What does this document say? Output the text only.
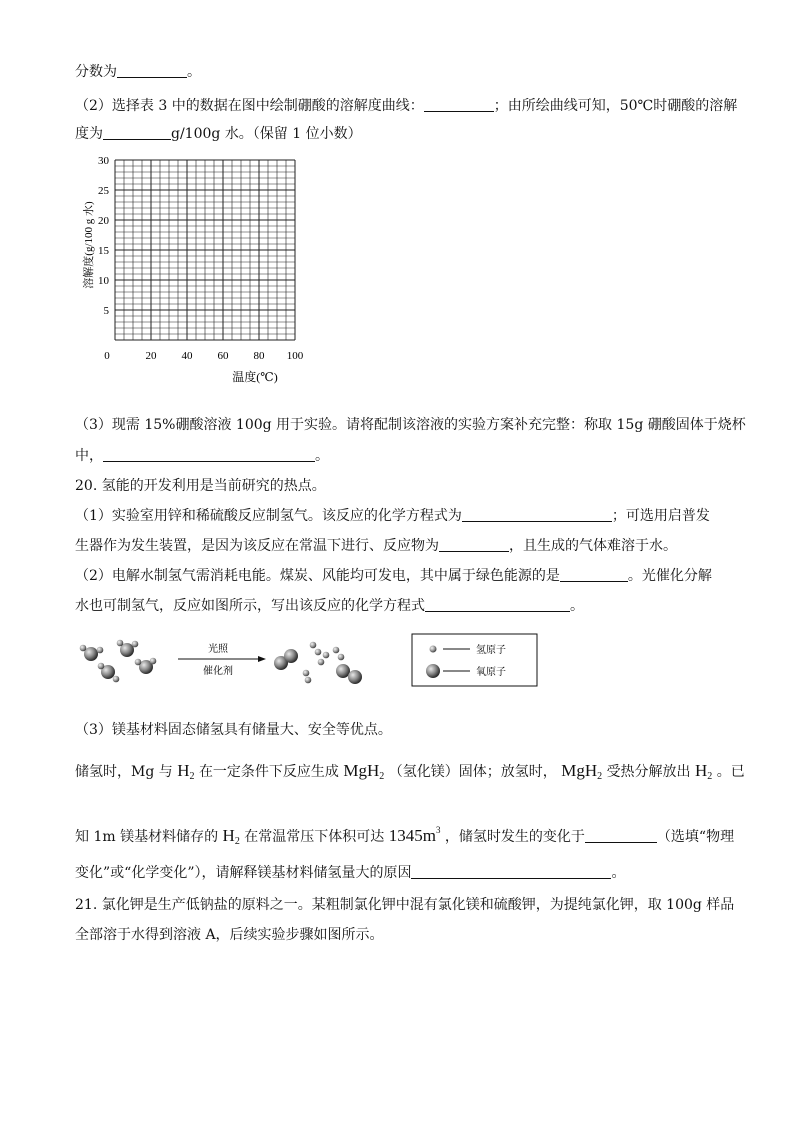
分数为	。
（2）选择表 3 中的数据在图中绘制硼酸的溶解度曲线：	；由所绘曲线可知，50℃时硼酸的溶解
度为	g/100g 水。（保留 1 位小数）
5
10
15
20
25
30
0	20 40 60 80 100
溶解度(g/100 g 水)
温度(℃)
（3）现需 15%硼酸溶液 100g 用于实验。请将配制该溶液的实验方案补充完整：称取 15g 硼酸固体于烧杯
中，	。
20. 氢能的开发利用是当前研究的热点。
（1）实验室用锌和稀硫酸反应制氢气。该反应的化学方程式为	；可选用启普发
生器作为发生装置，是因为该反应在常温下进行、反应物为	，且生成的气体难溶于水。
（2）电解水制氢气需消耗电能。煤炭、风能均可发电，其中属于绿色能源的是	。光催化分解
水也可制氢气，反应如图所示，写出该反应的化学方程式	。
光照
催化剂
氢原子
氧原子
（3）镁基材料固态储氢具有储量大、安全等优点。
储氢时，Mg 与 $H_2$ 在一定条件下反应生成 MgH$_2$ （氢化镁）固体；放氢时， MgH$_2$ 受热分解放出 $H_2$ 。已
知 1m 镁基材料储存的 $H_2$ 在常温常压下体积可达 $1345m^3$ ，储氢时发生的变化于	（选填“物理
变化”或“化学变化”），请解释镁基材料储氢量大的原因	。
21. 氯化钾是生产低钠盐的原料之一。某粗制氯化钾中混有氯化镁和硫酸钾，为提纯氯化钾，取 100g 样品
全部溶于水得到溶液 A，后续实验步骤如图所示。
